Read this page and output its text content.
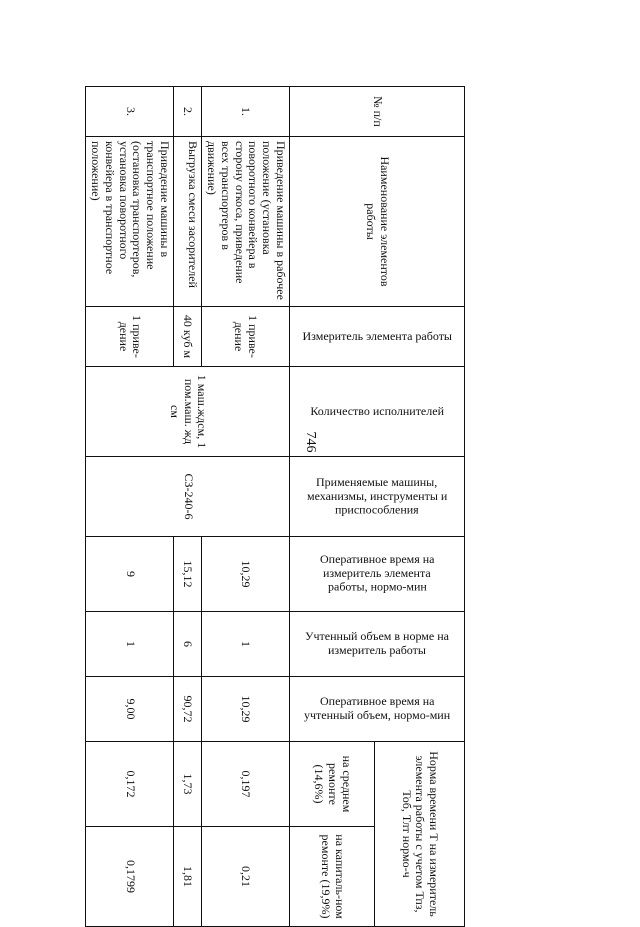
746
№ п/п	Наименование элементов работы	Измеритель элемента работы	Количество исполнителей	Применяемые машины, механизмы, инструменты и приспособления	Оперативное время на измеритель элемента работы, нормо-мин	Учтенный объем в норме на измеритель работы	Оперативное время на учтенный объем, нормо-мин	Норма времени Т на измеритель элемента работы с учетом Тпз, Тоб, Тлт нормо-ч	
								на среднем ремонте (14,6%)	на капиталь-ном ремонте (19,9%)
1.	Приведение машины в рабочее положение (установка поворотного конвейера в сторону откоса, приведение всех транспортеров в движение)	1 приве-дение	1 маш.ждсм, 1 пом.маш. жд см	СЗ-240-6	10,29	1	10,29	0,197	0,21
2.	Выгрузка смеси засорителей	40 куб м			15,12	6	90,72	1,73	1,81
3.	Приведение машины в транспортное положение (остановка транспортеров, установка поворотного конвейера в транспортное положение)	1 приве-дение			9	1	9,00	0,172	0,1799
